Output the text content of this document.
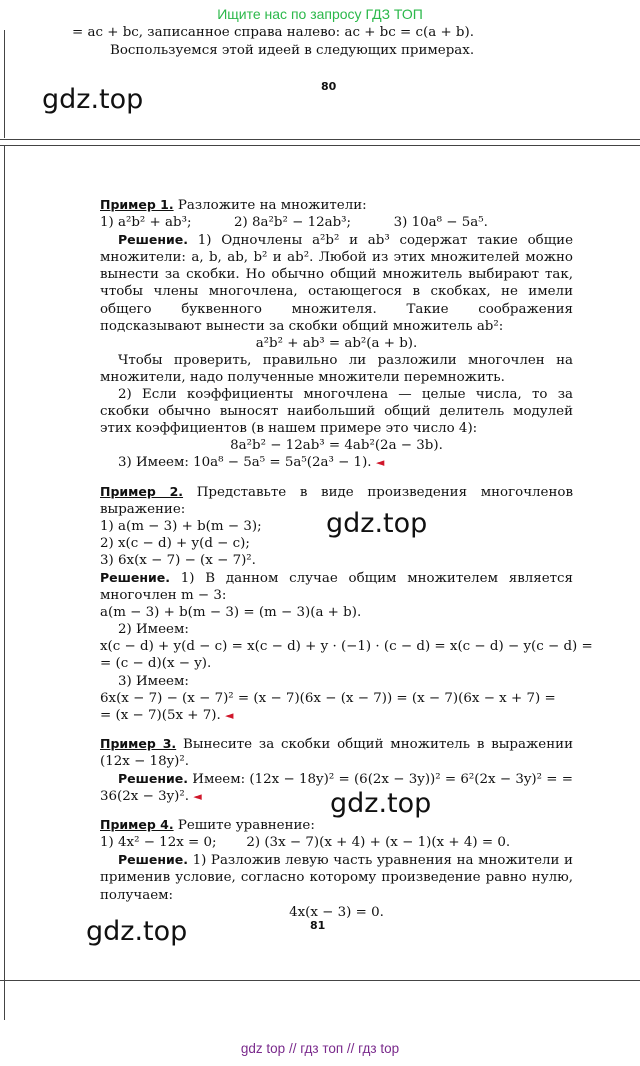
Ищите нас по запросу ГДЗ ТОП
= ac + bc, записанное справа налево: ac + bc = c(a + b).
Воспользуемся этой идеей в следующих примерах.
80
gdz.top

Пример 1. Разложите на множители:

1) a²b² + ab³;          2) 8a²b² − 12ab³;          3) 10a⁸ − 5a⁵.

Решение. 1) Одночлены a²b² и ab³ содержат такие общие множители: a, b, ab, b² и ab². Любой из этих множителей можно вынести за скобки. Но обычно общий множитель выбирают так, чтобы члены многочлена, остающегося в скобках, не имели общего буквенного множителя. Такие соображения подсказывают вынести за скобки общий множитель ab²:

a²b² + ab³ = ab²(a + b).

Чтобы проверить, правильно ли разложили многочлен на множители, надо полученные множители перемножить.

2) Если коэффициенты многочлена — целые числа, то за скобки обычно выносят наибольший общий делитель модулей этих коэффициентов (в нашем примере это число 4):

8a²b² − 12ab³ = 4ab²(2a − 3b).

3) Имеем: 10a⁸ − 5a⁵ = 5a⁵(2a³ − 1). ◄

Пример 2. Представьте в виде произведения многочленов выражение:

1) a(m − 3) + b(m − 3);

2) x(c − d) + y(d − c);

3) 6x(x − 7) − (x − 7)².

Решение. 1) В данном случае общим множителем является многочлен m − 3:

a(m − 3) + b(m − 3) = (m − 3)(a + b).

2) Имеем:

x(c − d) + y(d − c) = x(c − d) + y · (−1) · (c − d) = x(c − d) − y(c − d) =

= (c − d)(x − y).

3) Имеем:

6x(x − 7) − (x − 7)² = (x − 7)(6x − (x − 7)) = (x − 7)(6x − x + 7) =

= (x − 7)(5x + 7). ◄

Пример 3. Вынесите за скобки общий множитель в выражении (12x − 18y)².

Решение. Имеем: (12x − 18y)² = (6(2x − 3y))² = 6²(2x − 3y)² = = 36(2x − 3y)². ◄

Пример 4. Решите уравнение:

1) 4x² − 12x = 0;       2) (3x − 7)(x + 4) + (x − 1)(x + 4) = 0.

Решение. 1) Разложив левую часть уравнения на множители и применив условие, согласно которому произведение равно нулю, получаем:

4x(x − 3) = 0.

gdz.top
gdz.top
gdz.top	81
gdz top // гдз топ // гдз top
